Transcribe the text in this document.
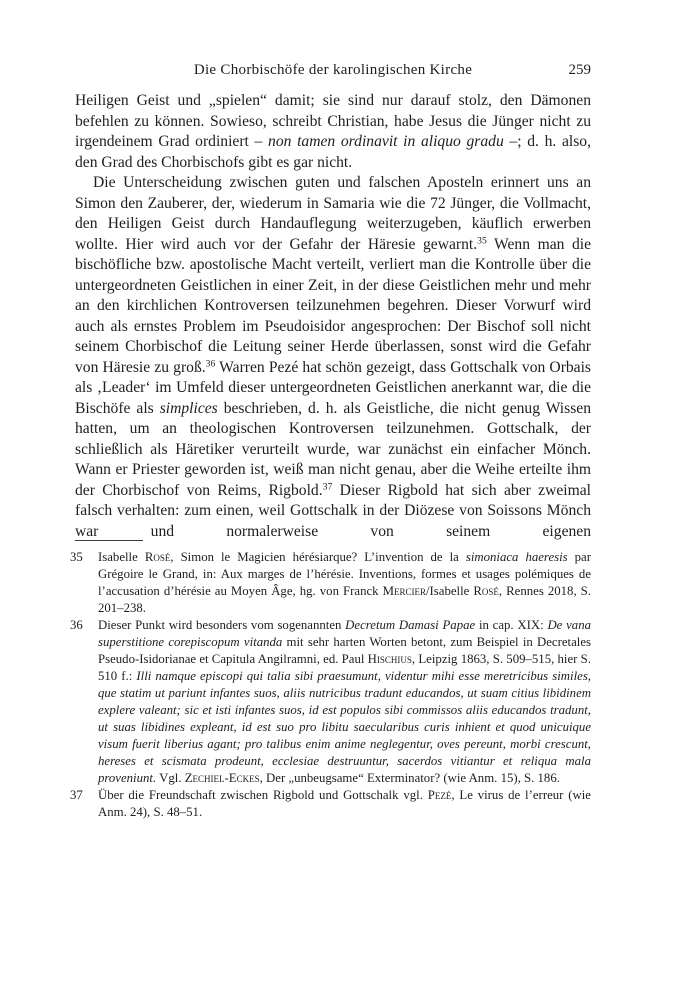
Die Chorbischöfe der karolingischen Kirche	259

Heiligen Geist und „spielen“ damit; sie sind nur darauf stolz, den Dämonen befehlen zu können. Sowieso, schreibt Christian, habe Jesus die Jünger nicht zu irgendeinem Grad ordiniert – non tamen ordinavit in aliquo gradu –; d. h. also, den Grad des Chorbischofs gibt es gar nicht.

Die Unterscheidung zwischen guten und falschen Aposteln erinnert uns an Simon den Zauberer, der, wiederum in Samaria wie die 72 Jünger, die Vollmacht, den Heiligen Geist durch Handauflegung weiterzugeben, käuflich erwerben wollte. Hier wird auch vor der Gefahr der Häresie gewarnt.$^{35}$ Wenn man die bischöfliche bzw. apostolische Macht verteilt, verliert man die Kontrolle über die untergeordneten Geistlichen in einer Zeit, in der diese Geistlichen mehr und mehr an den kirchlichen Kontroversen teilzunehmen begehren. Dieser Vorwurf wird auch als ernstes Problem im Pseudoisidor angesprochen: Der Bischof soll nicht seinem Chorbischof die Leitung seiner Herde überlassen, sonst wird die Gefahr von Häresie zu groß.$^{36}$ Warren Pezé hat schön gezeigt, dass Gottschalk von Orbais als ‚Leader‘ im Umfeld dieser untergeordneten Geistlichen anerkannt war, die die Bischöfe als simplices beschrieben, d. h. als Geistliche, die nicht genug Wissen hatten, um an theologischen Kontroversen teilzunehmen. Gottschalk, der schließlich als Häretiker verurteilt wurde, war zunächst ein einfacher Mönch. Wann er Priester geworden ist, weiß man nicht genau, aber die Weihe erteilte ihm der Chorbischof von Reims, Rigbold.$^{37}$ Dieser Rigbold hat sich aber zweimal falsch verhalten: zum einen, weil Gottschalk in der Diözese von Soissons Mönch war und normalerweise von seinem eigenen

35	Isabelle Rosé, Simon le Magicien hérésiarque? L’invention de la simoniaca haeresis par Grégoire le Grand, in: Aux marges de l’hérésie. Inventions, formes et usages polémiques de l’accusation d’hérésie au Moyen Âge, hg. von Franck Mercier/Isabelle Rosé, Rennes 2018, S. 201–238.

36	Dieser Punkt wird besonders vom sogenannten Decretum Damasi Papae in cap. XIX: De vana superstitione corepiscopum vitanda mit sehr harten Worten betont, zum Beispiel in Decretales Pseudo-Isidorianae et Capitula Angilramni, ed. Paul Hischius, Leipzig 1863, S. 509–515, hier S. 510 f.: Illi namque episcopi qui talia sibi praesumunt, videntur mihi esse meretricibus similes, que statim ut pariunt infantes suos, aliis nutricibus tradunt educandos, ut suam citius libidinem explere valeant; sic et isti infantes suos, id est populos sibi commissos aliis educandos tradunt, ut suas libidines expleant, id est suo pro libitu saecularibus curis inhient et quod unicuique visum fuerit liberius agant; pro talibus enim anime neglegentur, oves pereunt, morbi crescunt, hereses et scismata prodeunt, ecclesiae destruuntur, sacerdos vitiantur et reliqua mala proveniunt. Vgl. Zechiel-Eckes, Der „unbeugsame“ Exterminator? (wie Anm. 15), S. 186.

37	Über die Freundschaft zwischen Rigbold und Gottschalk vgl. Pezé, Le virus de l’erreur (wie Anm. 24), S. 48–51.
